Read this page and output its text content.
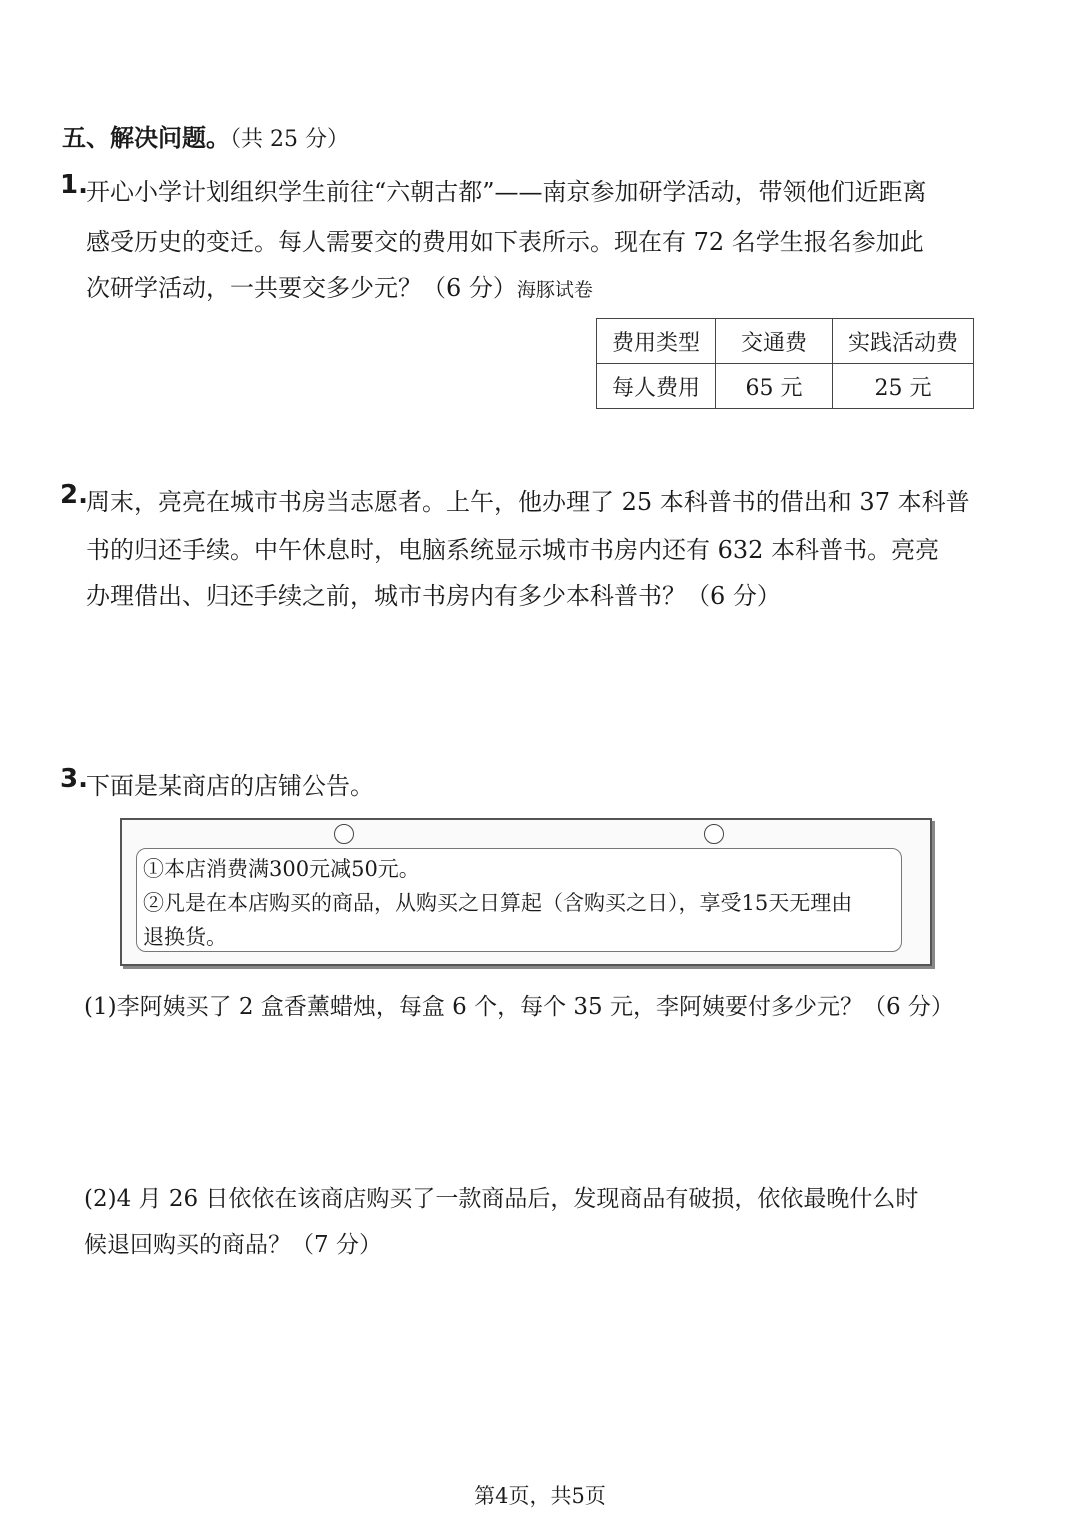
五、解决问题。（共 25 分）
1.
开心小学计划组织学生前往“六朝古都”——南京参加研学活动，带领他们近距离
感受历史的变迁。每人需要交的费用如下表所示。现在有 72 名学生报名参加此
次研学活动，一共要交多少元？（6 分）海豚试卷
费用类型	交通费	实践活动费
每人费用	65 元	25 元
2.
周末，亮亮在城市书房当志愿者。上午，他办理了 25 本科普书的借出和 37 本科普
书的归还手续。中午休息时，电脑系统显示城市书房内还有 632 本科普书。亮亮
办理借出、归还手续之前，城市书房内有多少本科普书？（6 分）
3.
下面是某商店的店铺公告。
①本店消费满300元减50元。
②凡是在本店购买的商品，从购买之日算起（含购买之日），享受15天无理由
退换货。
(1)李阿姨买了 2 盒香薰蜡烛，每盒 6 个，每个 35 元，李阿姨要付多少元？（6 分）
(2)4 月 26 日依依在该商店购买了一款商品后，发现商品有破损，依依最晚什么时
候退回购买的商品？（7 分）
第4页，共5页
